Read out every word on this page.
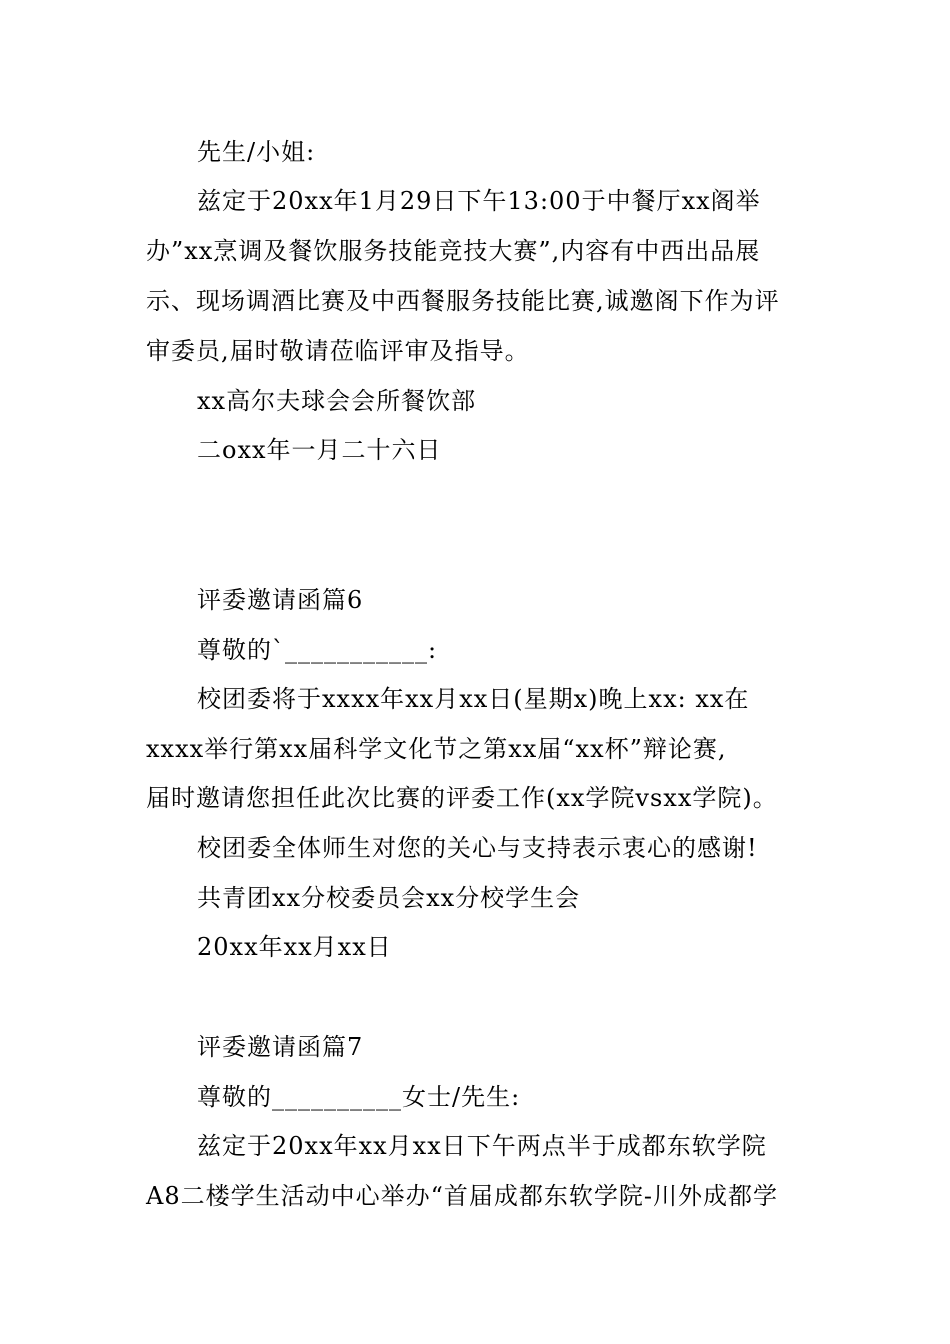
先生/小姐:
兹定于20xx年1月29日下午13:00于中餐厅xx阁举
办”xx烹调及餐饮服务技能竞技大赛”,内容有中西出品展
示、现场调酒比赛及中西餐服务技能比赛,诚邀阁下作为评
审委员,届时敬请莅临评审及指导。
xx高尔夫球会会所餐饮部
二oxx年一月二十六日
评委邀请函篇6
尊敬的`___________:
校团委将于xxxx年xx月xx日(星期x)晚上xx: xx在
xxxx举行第xx届科学文化节之第xx届“xx杯”辩论赛,
届时邀请您担任此次比赛的评委工作(xx学院vsxx学院)。
校团委全体师生对您的关心与支持表示衷心的感谢!
共青团xx分校委员会xx分校学生会
20xx年xx月xx日
评委邀请函篇7
尊敬的__________女士/先生:
兹定于20xx年xx月xx日下午两点半于成都东软学院
A8二楼学生活动中心举办“首届成都东软学院-川外成都学
